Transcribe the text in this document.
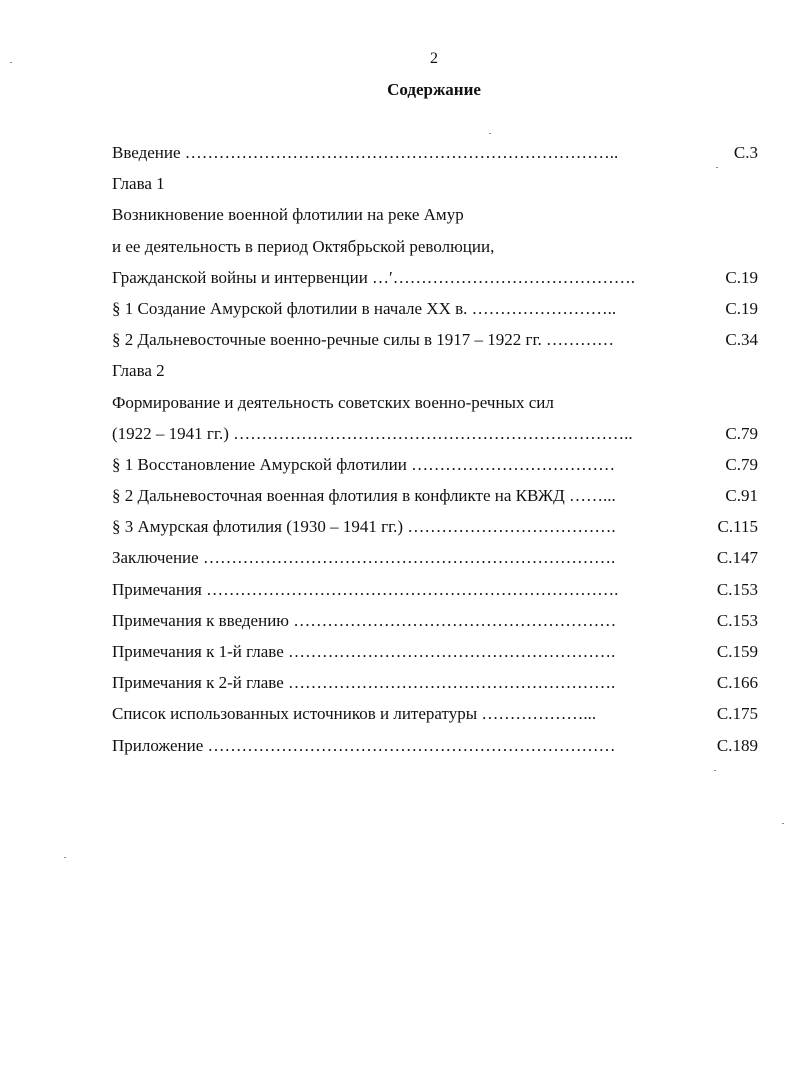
2
Содержание
Введение …………………………………………………………………..	С.3
Глава 1
Возникновение военной флотилии на реке Амур
и ее деятельность в период Октябрьской революции,
Гражданской войны и интервенции …′…………………………………….	С.19
§ 1 Создание Амурской флотилии в начале XX в. ……………………..	С.19
§ 2 Дальневосточные военно-речные силы в 1917 – 1922 гг. …………	С.34
Глава 2
Формирование и деятельность советских военно-речных сил
(1922 – 1941 гг.) ……………………………………………………………..	С.79
§ 1 Восстановление Амурской флотилии ………………………………	С.79
§ 2 Дальневосточная военная флотилия в конфликте на КВЖД ……...	С.91
§ 3 Амурская флотилия (1930 – 1941 гг.) ……………………………….	С.115
Заключение ……………………………………………………………….	С.147
Примечания ……………………………………………………………….	С.153
Примечания к введению …………………………………………………	С.153
Примечания к 1-й главе ………………………………………………….	С.159
Примечания к 2-й главе ………………………………………………….	С.166
Список использованных источников и литературы ………………...	С.175
Приложение ………………………………………………………………	С.189
